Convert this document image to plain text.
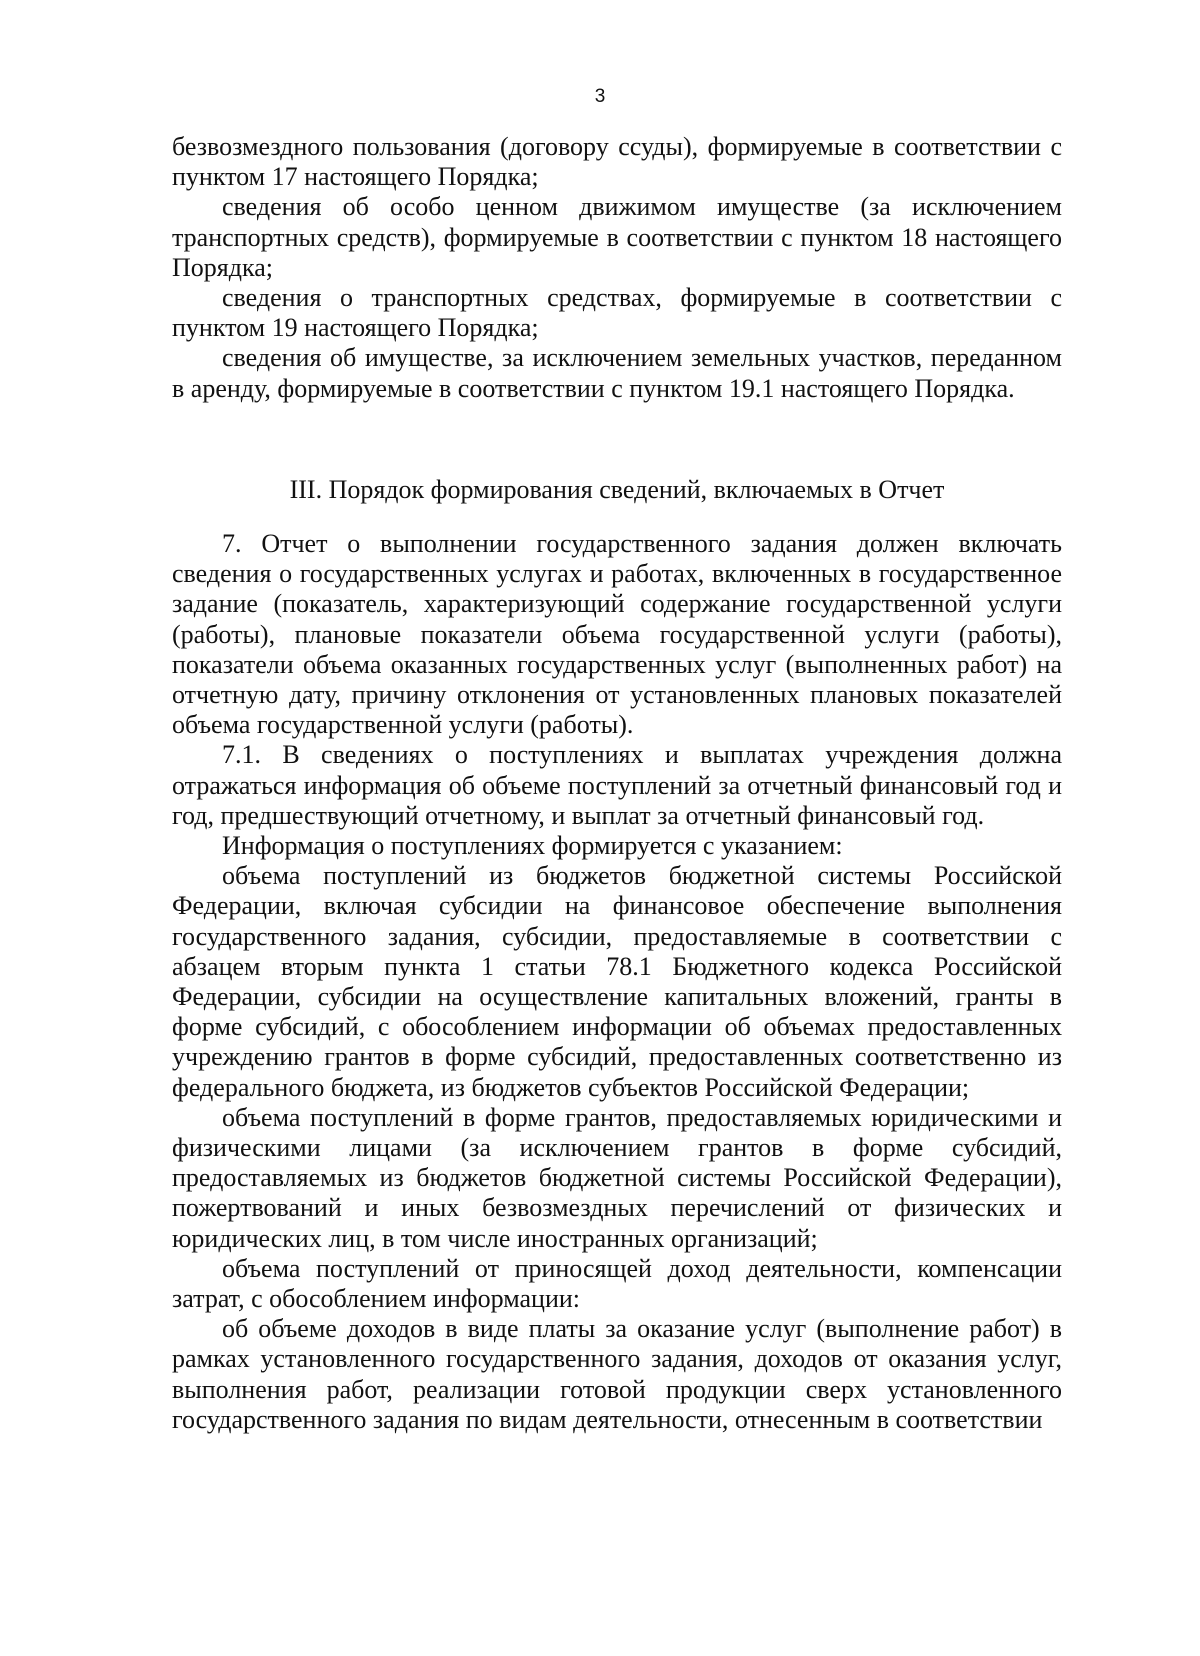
3

безвозмездного пользования (договору ссуды), формируемые в соответствии с пунктом 17 настоящего Порядка;

сведения об особо ценном движимом имуществе (за исключением транспортных средств), формируемые в соответствии с пунктом 18 настоящего Порядка;

сведения о транспортных средствах, формируемые в соответствии с пунктом 19 настоящего Порядка;

сведения об имуществе, за исключением земельных участков, переданном в аренду, формируемые в соответствии с пунктом 19.1 настоящего Порядка.

III. Порядок формирования сведений, включаемых в Отчет

7. Отчет о выполнении государственного задания должен включать сведения о государственных услугах и работах, включенных в государственное задание (показатель, характеризующий содержание государственной услуги (работы), плановые показатели объема государственной услуги (работы), показатели объема оказанных государственных услуг (выполненных работ) на отчетную дату, причину отклонения от установленных плановых показателей объема государственной услуги (работы).

7.1. В сведениях о поступлениях и выплатах учреждения должна отражаться информация об объеме поступлений за отчетный финансовый год и год, предшествующий отчетному, и выплат за отчетный финансовый год.

Информация о поступлениях формируется с указанием:

объема поступлений из бюджетов бюджетной системы Российской Федерации, включая субсидии на финансовое обеспечение выполнения государственного задания, субсидии, предоставляемые в соответствии с абзацем вторым пункта 1 статьи 78.1 Бюджетного кодекса Российской Федерации, субсидии на осуществление капитальных вложений, гранты в форме субсидий, с обособлением информации об объемах предоставленных учреждению грантов в форме субсидий, предоставленных соответственно из федерального бюджета, из бюджетов субъектов Российской Федерации;

объема поступлений в форме грантов, предоставляемых юридическими и физическими лицами (за исключением грантов в форме субсидий, предоставляемых из бюджетов бюджетной системы Российской Федерации), пожертвований и иных безвозмездных перечислений от физических и юридических лиц, в том числе иностранных организаций;

объема поступлений от приносящей доход деятельности, компенсации затрат, с обособлением информации:

об объеме доходов в виде платы за оказание услуг (выполнение работ) в рамках установленного государственного задания, доходов от оказания услуг, выполнения работ, реализации готовой продукции сверх установленного государственного задания по видам деятельности, отнесенным в соответствии
